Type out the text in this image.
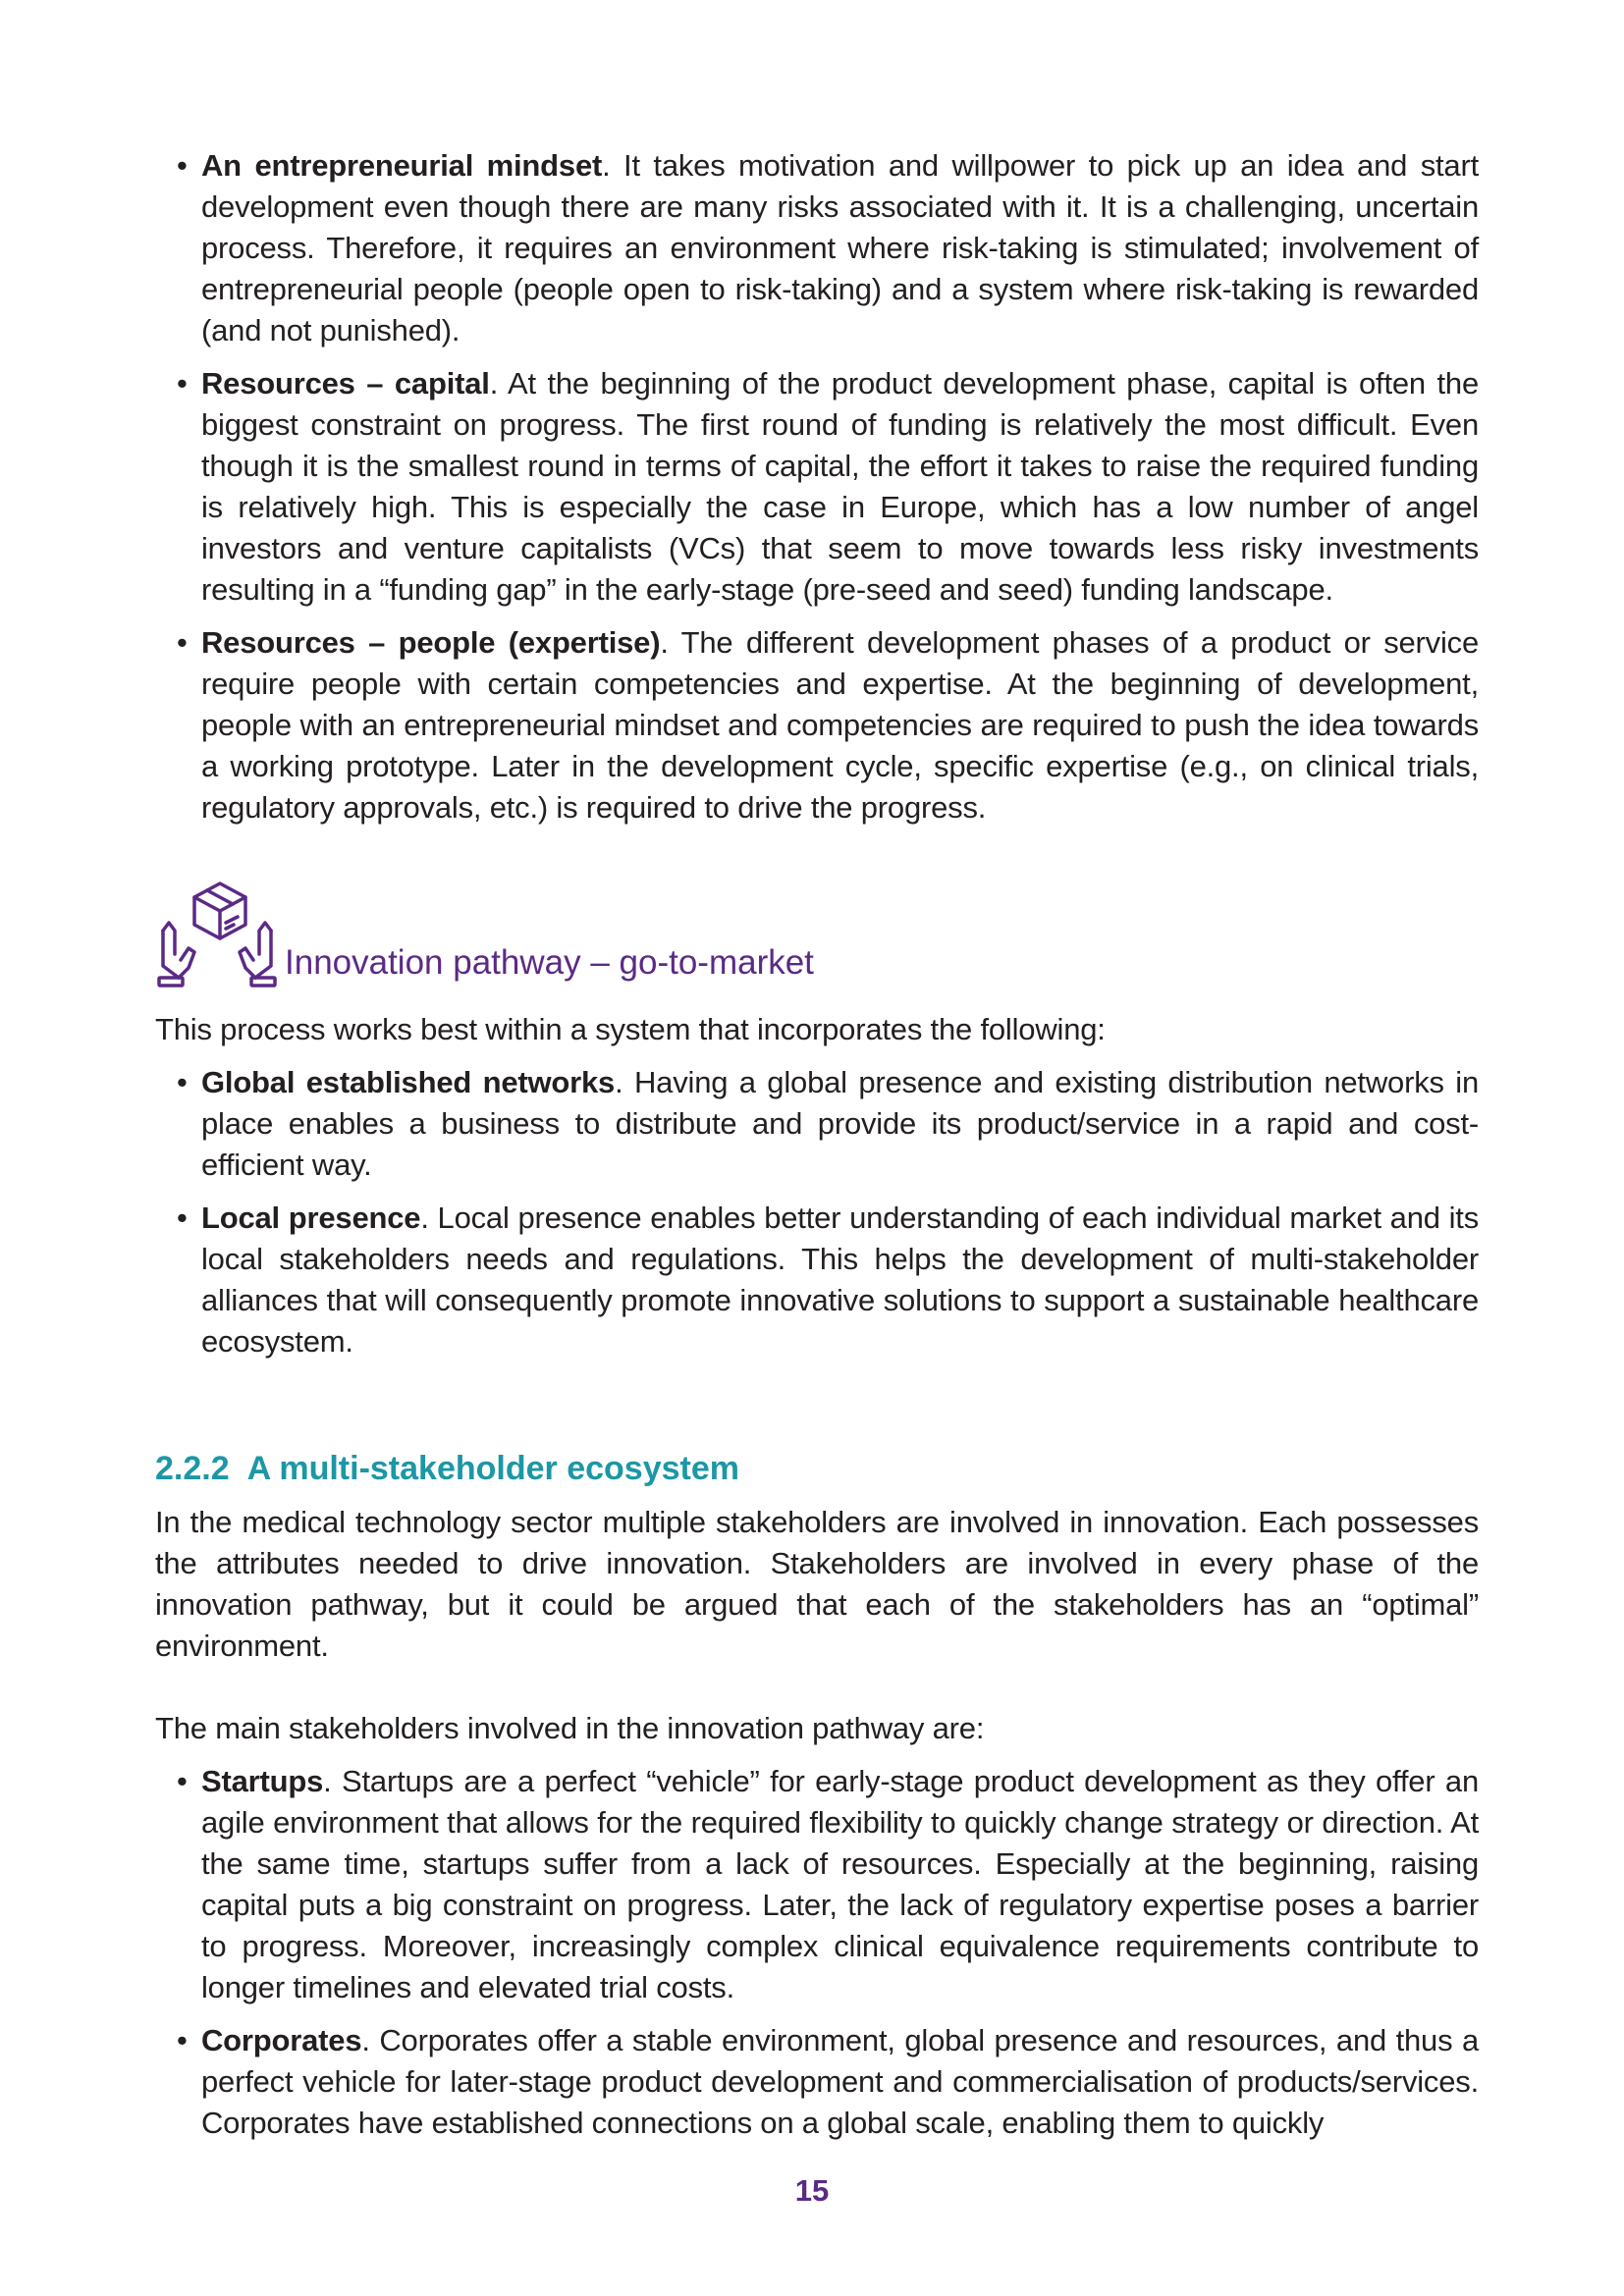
• An entrepreneurial mindset. It takes motivation and willpower to pick up an idea and start development even though there are many risks associated with it. It is a challenging, uncertain process. Therefore, it requires an environment where risk-taking is stimulated; involvement of entrepreneurial people (people open to risk-taking) and a system where risk-taking is rewarded (and not punished).
• Resources – capital. At the beginning of the product development phase, capital is often the biggest constraint on progress. The first round of funding is relatively the most difficult. Even though it is the smallest round in terms of capital, the effort it takes to raise the required funding is relatively high. This is especially the case in Europe, which has a low number of angel investors and venture capitalists (VCs) that seem to move towards less risky investments resulting in a “funding gap” in the early-stage (pre-seed and seed) funding landscape.
• Resources – people (expertise). The different development phases of a product or service require people with certain competencies and expertise. At the beginning of development, people with an entrepreneurial mindset and competencies are required to push the idea towards a working prototype. Later in the development cycle, specific expertise (e.g., on clinical trials, regulatory approvals, etc.) is required to drive the progress.
Innovation pathway – go-to-market

This process works best within a system that incorporates the following:

• Global established networks. Having a global presence and existing distribution networks in place enables a business to distribute and provide its product/service in a rapid and cost-efficient way.
• Local presence. Local presence enables better understanding of each individual market and its local stakeholders needs and regulations. This helps the development of multi-stakeholder alliances that will consequently promote innovative solutions to support a sustainable healthcare ecosystem.
2.2.2 A multi-stakeholder ecosystem

In the medical technology sector multiple stakeholders are involved in innovation. Each possesses the attributes needed to drive innovation. Stakeholders are involved in every phase of the innovation pathway, but it could be argued that each of the stakeholders has an “optimal” environment.

The main stakeholders involved in the innovation pathway are:

• Startups. Startups are a perfect “vehicle” for early-stage product development as they offer an agile environment that allows for the required flexibility to quickly change strategy or direction. At the same time, startups suffer from a lack of resources. Especially at the beginning, raising capital puts a big constraint on progress. Later, the lack of regulatory expertise poses a barrier to progress. Moreover, increasingly complex clinical equivalence requirements contribute to longer timelines and elevated trial costs.
• Corporates. Corporates offer a stable environment, global presence and resources, and thus a perfect vehicle for later-stage product development and commercialisation of products/services. Corporates have established connections on a global scale, enabling them to quickly
15
